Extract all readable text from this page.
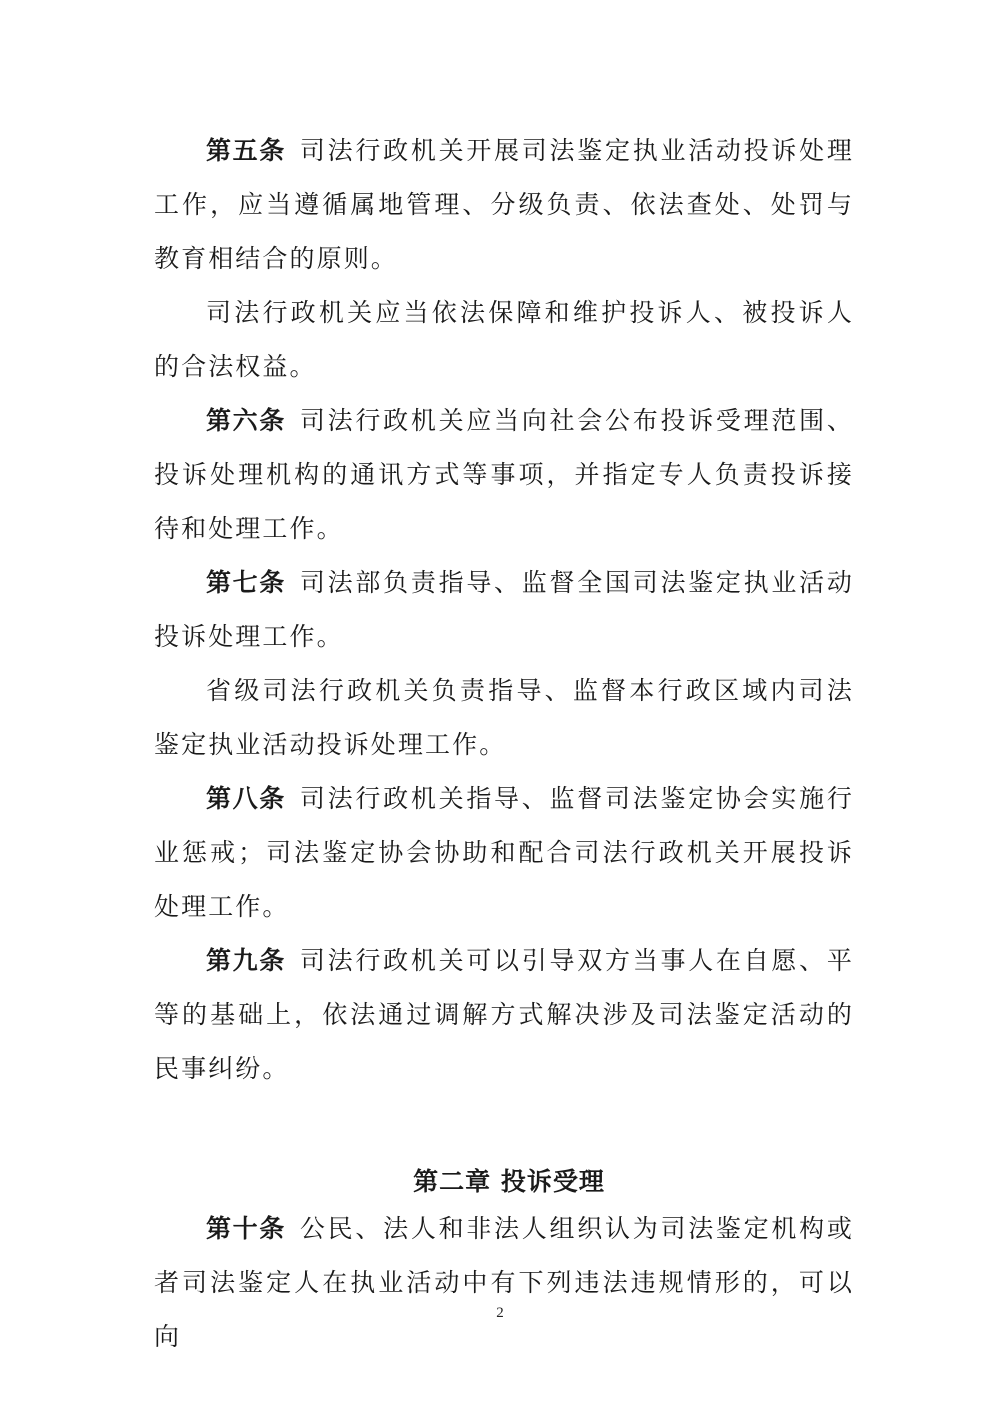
第五条 司法行政机关开展司法鉴定执业活动投诉处理工作，应当遵循属地管理、分级负责、依法查处、处罚与教育相结合的原则。

司法行政机关应当依法保障和维护投诉人、被投诉人的合法权益。

第六条 司法行政机关应当向社会公布投诉受理范围、投诉处理机构的通讯方式等事项，并指定专人负责投诉接待和处理工作。

第七条 司法部负责指导、监督全国司法鉴定执业活动投诉处理工作。

省级司法行政机关负责指导、监督本行政区域内司法鉴定执业活动投诉处理工作。

第八条 司法行政机关指导、监督司法鉴定协会实施行业惩戒；司法鉴定协会协助和配合司法行政机关开展投诉处理工作。

第九条 司法行政机关可以引导双方当事人在自愿、平等的基础上，依法通过调解方式解决涉及司法鉴定活动的民事纠纷。

第二章 投诉受理

第十条 公民、法人和非法人组织认为司法鉴定机构或者司法鉴定人在执业活动中有下列违法违规情形的，可以向

2
